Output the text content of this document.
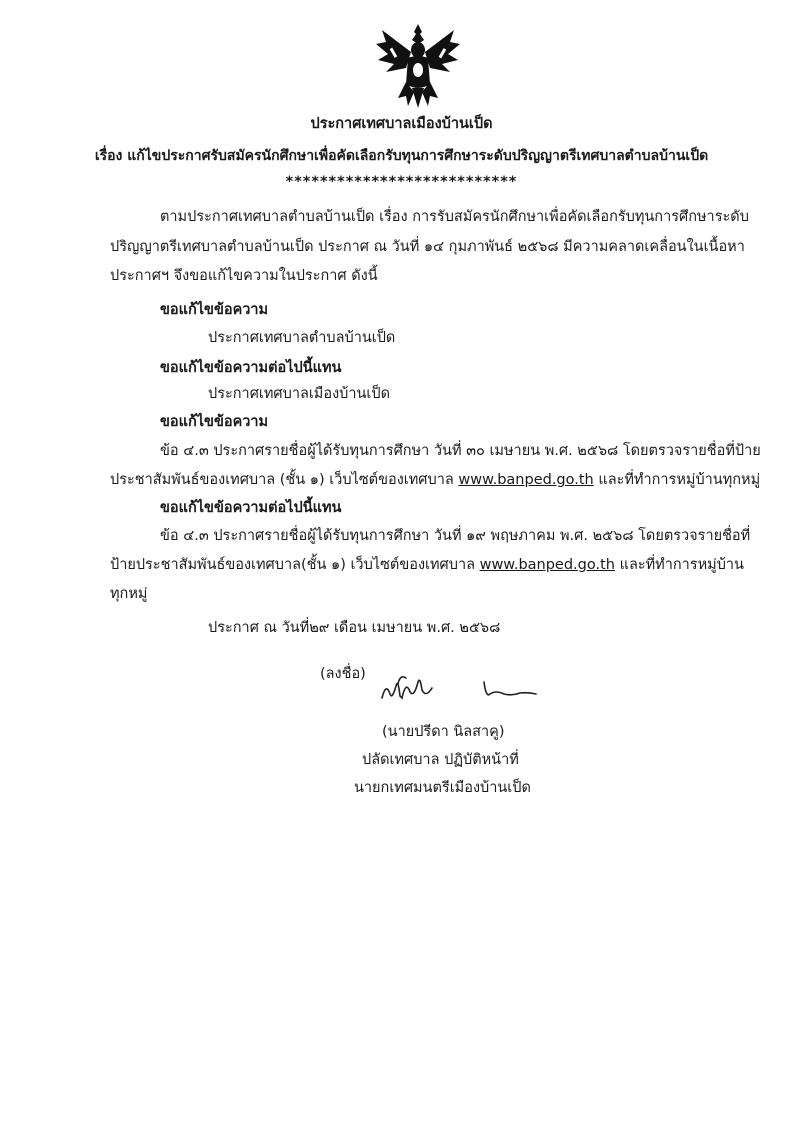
ประกาศเทศบาลเมืองบ้านเป็ด
เรื่อง แก้ไขประกาศรับสมัครนักศึกษาเพื่อคัดเลือกรับทุนการศึกษาระดับปริญญาตรีเทศบาลตำบลบ้านเป็ด
***************************
ตามประกาศเทศบาลตำบลบ้านเป็ด เรื่อง การรับสมัครนักศึกษาเพื่อคัดเลือกรับทุนการศึกษาระดับ
ปริญญาตรีเทศบาลตำบลบ้านเป็ด ประกาศ ณ วันที่ ๑๔ กุมภาพันธ์ ๒๕๖๘ มีความคลาดเคลื่อนในเนื้อหา
ประกาศฯ จึงขอแก้ไขความในประกาศ ดังนี้
ขอแก้ไขข้อความ
ประกาศเทศบาลตำบลบ้านเป็ด
ขอแก้ไขข้อความต่อไปนี้แทน
ประกาศเทศบาลเมืองบ้านเป็ด
ขอแก้ไขข้อความ
ข้อ ๔.๓ ประกาศรายชื่อผู้ได้รับทุนการศึกษา วันที่ ๓๐ เมษายน พ.ศ. ๒๕๖๘ โดยตรวจรายชื่อที่ป้าย
ประชาสัมพันธ์ของเทศบาล (ชั้น ๑) เว็บไซต์ของเทศบาล www.banped.go.th และที่ทำการหมู่บ้านทุกหมู่
ขอแก้ไขข้อความต่อไปนี้แทน
ข้อ ๔.๓ ประกาศรายชื่อผู้ได้รับทุนการศึกษา วันที่ ๑๙ พฤษภาคม พ.ศ. ๒๕๖๘ โดยตรวจรายชื่อที่
ป้ายประชาสัมพันธ์ของเทศบาล(ชั้น ๑) เว็บไซต์ของเทศบาล www.banped.go.th และที่ทำการหมู่บ้าน
ทุกหมู่
ประกาศ ณ วันที่๒๙ เดือน เมษายน พ.ศ. ๒๕๖๘
(ลงชื่อ)
(นายปรีดา นิลสาคู)
ปลัดเทศบาล ปฏิบัติหน้าที่
นายกเทศมนตรีเมืองบ้านเป็ด
